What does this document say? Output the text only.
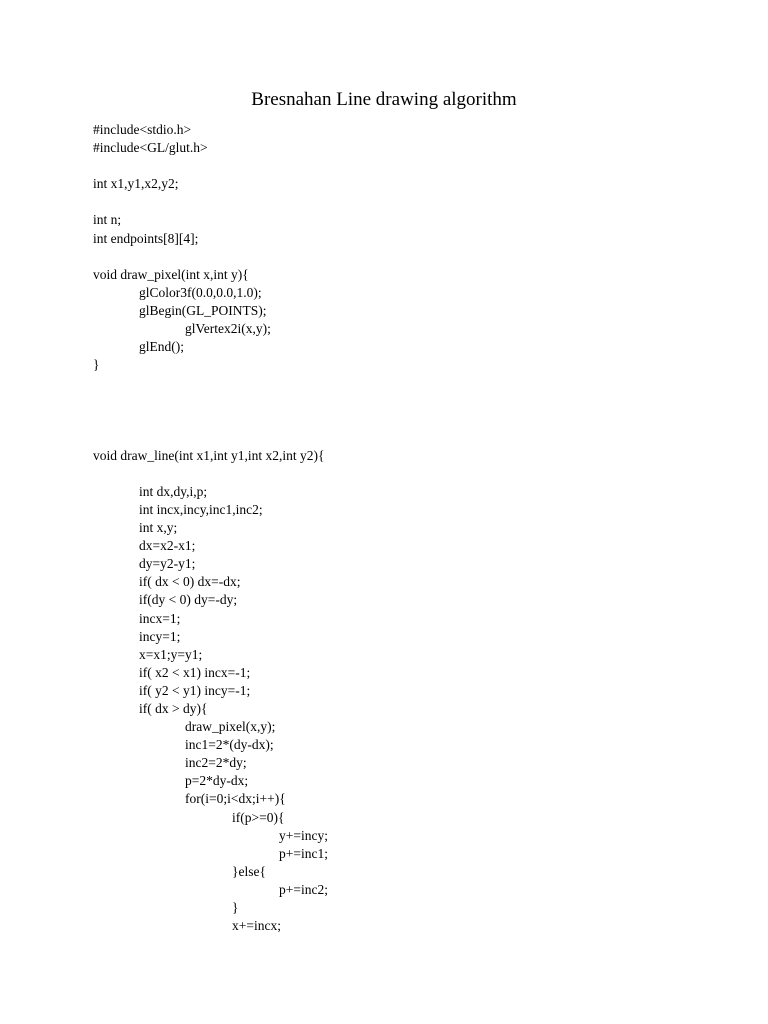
Bresnahan Line drawing algorithm
#include<stdio.h>
#include<GL/glut.h>
int x1,y1,x2,y2;
int n;
int endpoints[8][4];
void draw_pixel(int x,int y){
glColor3f(0.0,0.0,1.0);
glBegin(GL_POINTS);
glVertex2i(x,y);
glEnd();
}
void draw_line(int x1,int y1,int x2,int y2){
int dx,dy,i,p;
int incx,incy,inc1,inc2;
int x,y;
dx=x2-x1;
dy=y2-y1;
if( dx < 0) dx=-dx;
if(dy < 0) dy=-dy;
incx=1;
incy=1;
x=x1;y=y1;
if( x2 < x1) incx=-1;
if( y2 < y1) incy=-1;
if( dx > dy){
draw_pixel(x,y);
inc1=2*(dy-dx);
inc2=2*dy;
p=2*dy-dx;
for(i=0;i<dx;i++){
if(p>=0){
y+=incy;
p+=inc1;
}else{
p+=inc2;
}
x+=incx;
